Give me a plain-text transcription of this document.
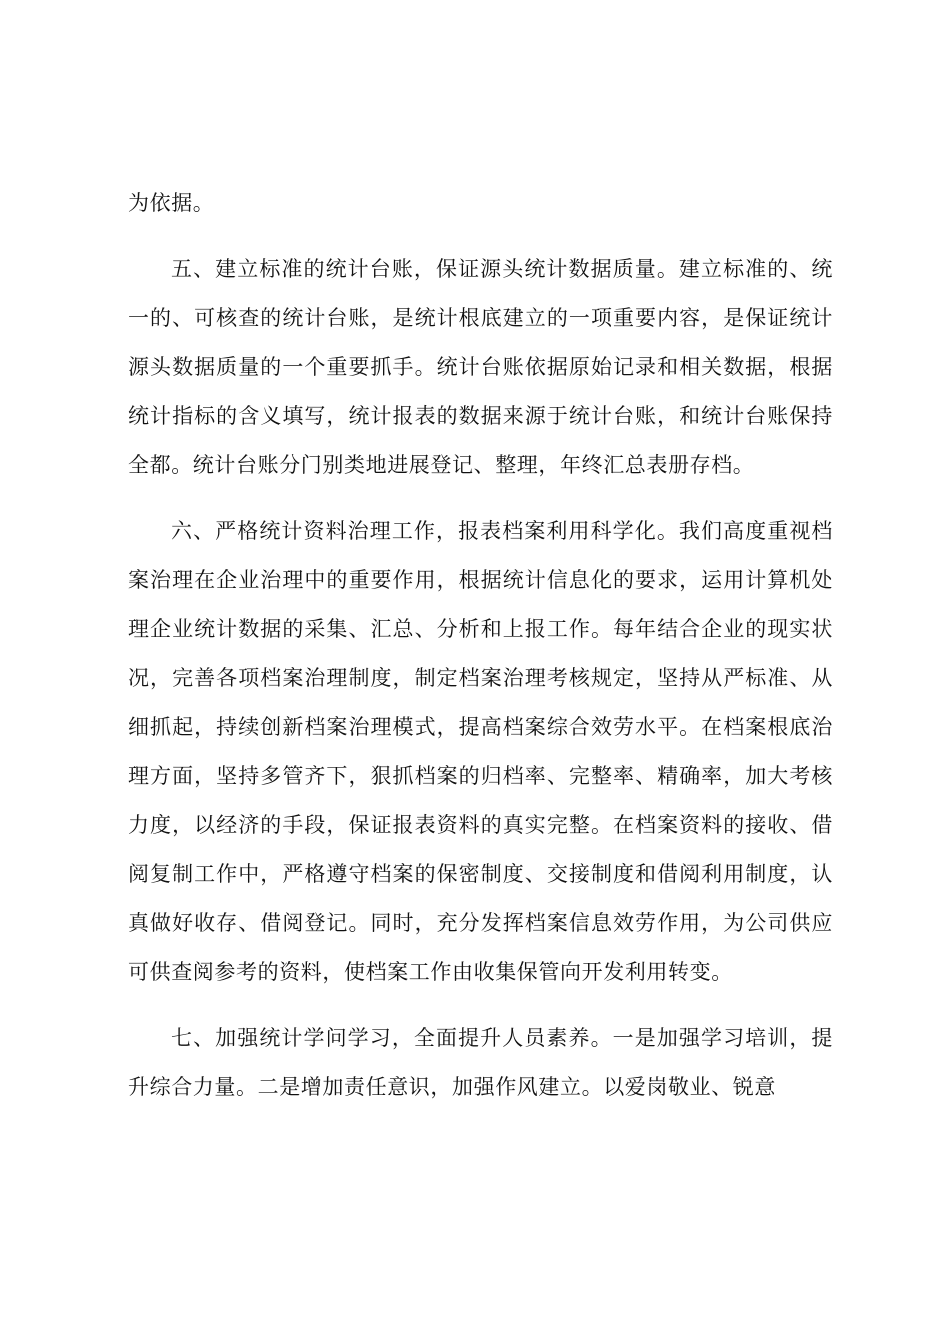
为依据。

五、建立标准的统计台账，保证源头统计数据质量。建立标准的、统一的、可核查的统计台账，是统计根底建立的一项重要内容，是保证统计源头数据质量的一个重要抓手。统计台账依据原始记录和相关数据，根据统计指标的含义填写，统计报表的数据来源于统计台账，和统计台账保持全都。统计台账分门别类地进展登记、整理，年终汇总表册存档。

六、严格统计资料治理工作，报表档案利用科学化。我们高度重视档案治理在企业治理中的重要作用，根据统计信息化的要求，运用计算机处理企业统计数据的采集、汇总、分析和上报工作。每年结合企业的现实状况，完善各项档案治理制度，制定档案治理考核规定，坚持从严标准、从细抓起，持续创新档案治理模式，提高档案综合效劳水平。在档案根底治理方面，坚持多管齐下，狠抓档案的归档率、完整率、精确率，加大考核力度，以经济的手段，保证报表资料的真实完整。在档案资料的接收、借阅复制工作中，严格遵守档案的保密制度、交接制度和借阅利用制度，认真做好收存、借阅登记。同时，充分发挥档案信息效劳作用，为公司供应可供查阅参考的资料，使档案工作由收集保管向开发利用转变。

七、加强统计学问学习，全面提升人员素养。一是加强学习培训，提升综合力量。二是增加责任意识，加强作风建立。以爱岗敬业、锐意
